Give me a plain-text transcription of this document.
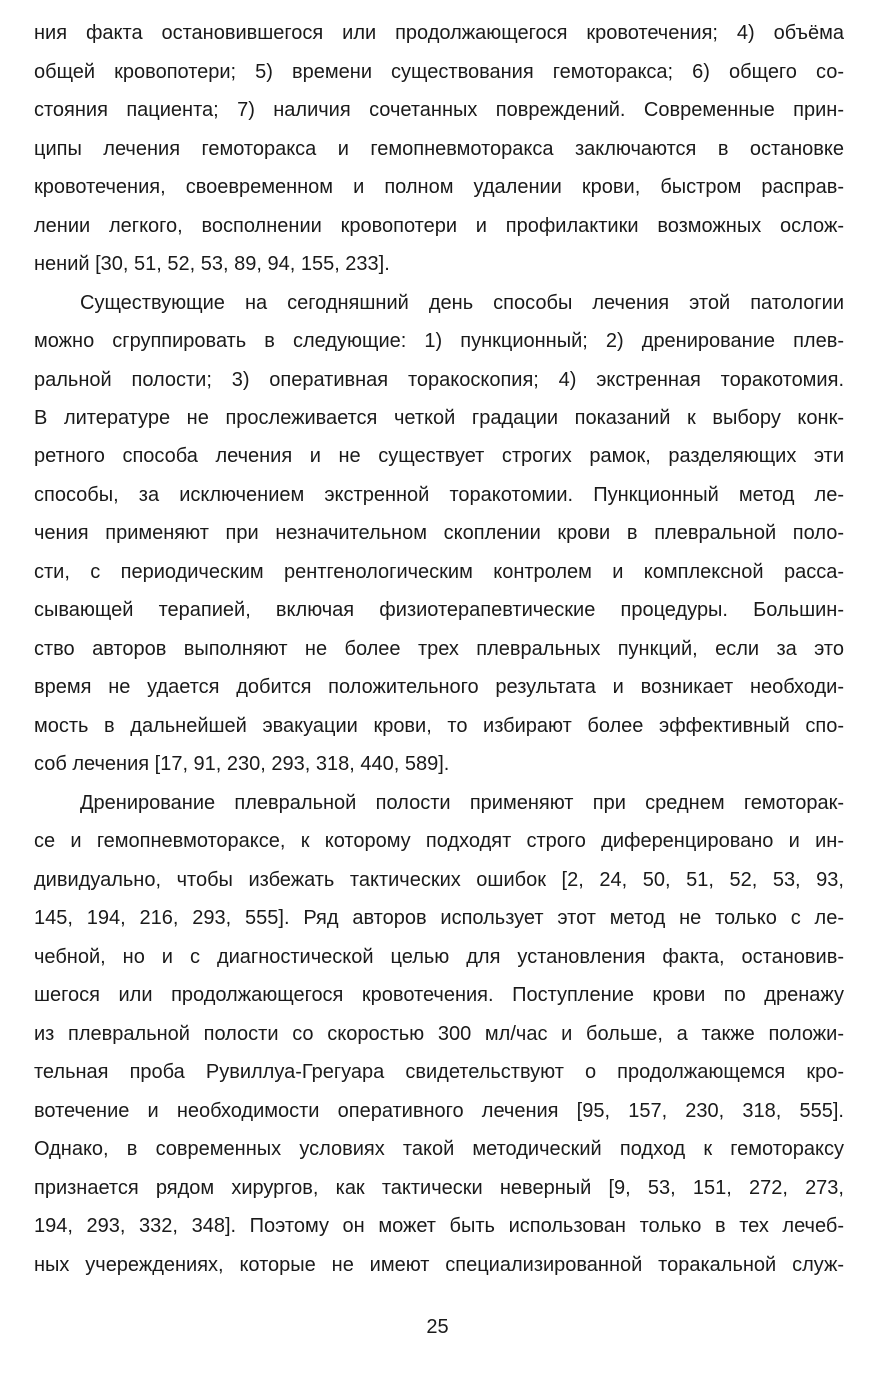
ния факта остановившегося или продолжающегося кровотечения; 4) объёма
общей кровопотери; 5) времени существования гемоторакса; 6) общего со-
стояния пациента; 7) наличия сочетанных повреждений. Современные прин-
ципы лечения гемоторакса и гемопневмоторакса заключаются в остановке
кровотечения, своевременном и полном удалении крови, быстром расправ-
лении легкого, восполнении кровопотери и профилактики возможных ослож-
нений [30, 51, 52, 53, 89, 94, 155, 233].
Существующие на сегодняшний день способы лечения этой патологии
можно сгруппировать в следующие: 1) пункционный; 2) дренирование плев-
ральной полости; 3) оперативная торакоскопия; 4) экстренная торакотомия.
В литературе не прослеживается четкой градации показаний к выбору конк-
ретного способа лечения и не существует строгих рамок, разделяющих эти
способы, за исключением экстренной торакотомии. Пункционный метод ле-
чения применяют при незначительном скоплении крови в плевральной поло-
сти, с периодическим рентгенологическим контролем и комплексной расса-
сывающей терапией, включая физиотерапевтические процедуры. Большин-
ство авторов выполняют не более трех плевральных пункций, если за это
время не удается добится положительного результата и возникает необходи-
мость в дальнейшей эвакуации крови, то избирают более эффективный спо-
соб лечения [17, 91, 230, 293, 318, 440, 589].
Дренирование плевральной полости применяют при среднем гемоторак-
се и гемопневмотораксе, к которому подходят строго диференцировано и ин-
дивидуально, чтобы избежать тактических ошибок [2, 24, 50, 51, 52, 53, 93,
145, 194, 216, 293, 555]. Ряд авторов использует этот метод не только с ле-
чебной, но и с диагностической целью для установления факта, остановив-
шегося или продолжающегося кровотечения. Поступление крови по дренажу
из плевральной полости со скоростью 300 мл/час и больше, а также положи-
тельная проба Рувиллуа-Грегуара свидетельствуют о продолжающемся кро-
вотечение и необходимости оперативного лечения [95, 157, 230, 318, 555].
Однако, в современных условиях такой методический подход к гемотораксу
признается рядом хирургов, как тактически неверный [9, 53, 151, 272, 273,
194, 293, 332, 348]. Поэтому он может быть использован только в тех лечеб-
ных учереждениях, которые не имеют специализированной торакальной служ-
25
